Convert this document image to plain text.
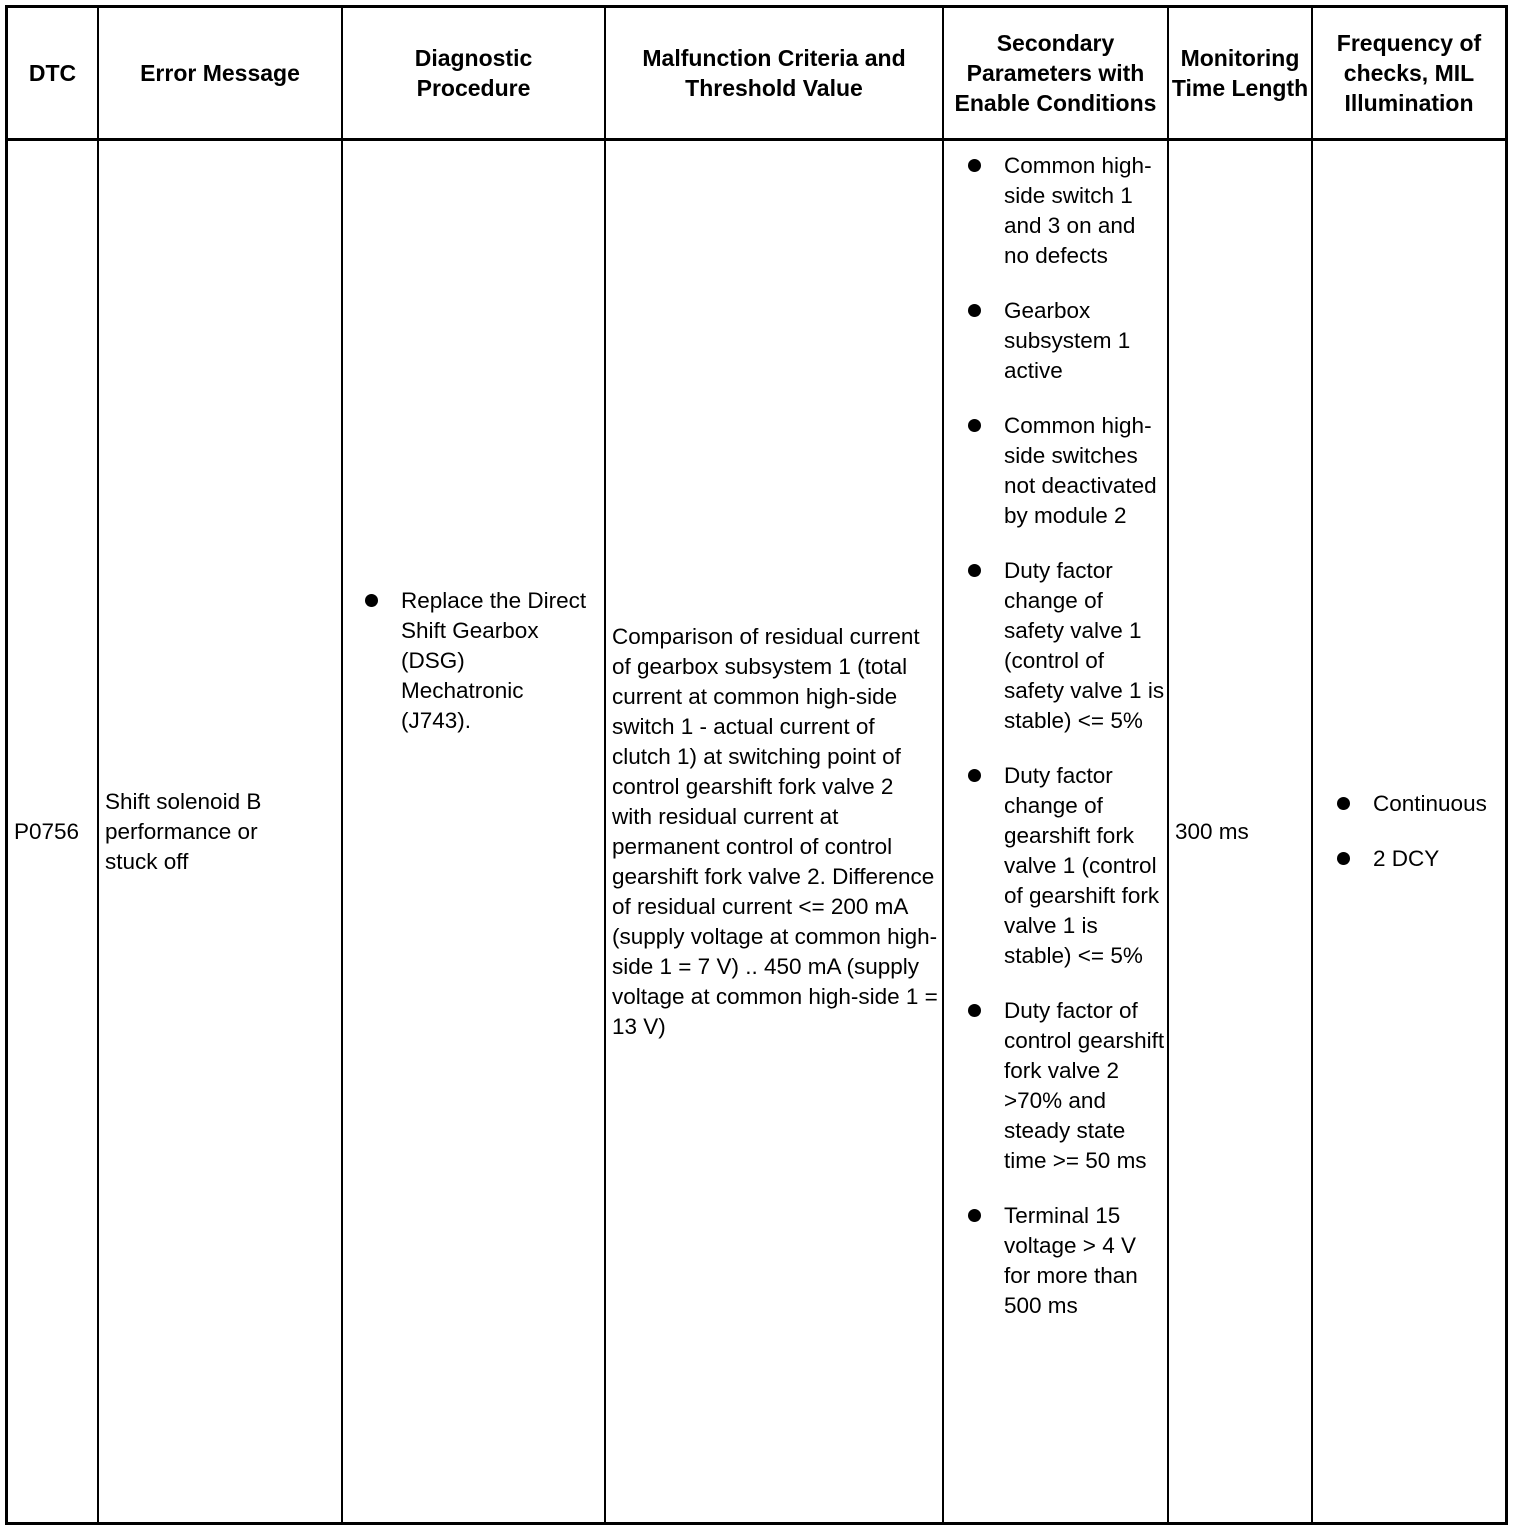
DTC	Error Message
Diagnostic Procedure
Malfunction Criteria and Threshold Value
Secondary Parameters with Enable Conditions
Monitoring Time Length
Frequency of checks, MIL Illumination
P0756
Shift solenoid B performance or stuck off
Replace the Direct Shift Gearbox (DSG) Mechatronic (J743).
Comparison of residual current of gearbox subsystem 1 (total current at common high-side switch 1 - actual current of clutch 1) at switching point of control gearshift fork valve 2 with residual current at permanent control of control gearshift fork valve 2. Difference of residual current <= 200 mA (supply voltage at common high-side 1 = 7 V) .. 450 mA (supply voltage at common high-side 1 = 13 V)
Common high-side switch 1 and 3 on and no defects
Gearbox subsystem 1 active
Common high-side switches not deactivated by module 2
Duty factor change of safety valve 1 (control of safety valve 1 is stable) <= 5%
Duty factor change of gearshift fork valve 1 (control of gearshift fork valve 1 is stable) <= 5%
Duty factor of control gearshift fork valve 2 >70% and steady state time >= 50 ms
Terminal 15 voltage > 4 V for more than 500 ms
300 ms
Continuous
2 DCY
